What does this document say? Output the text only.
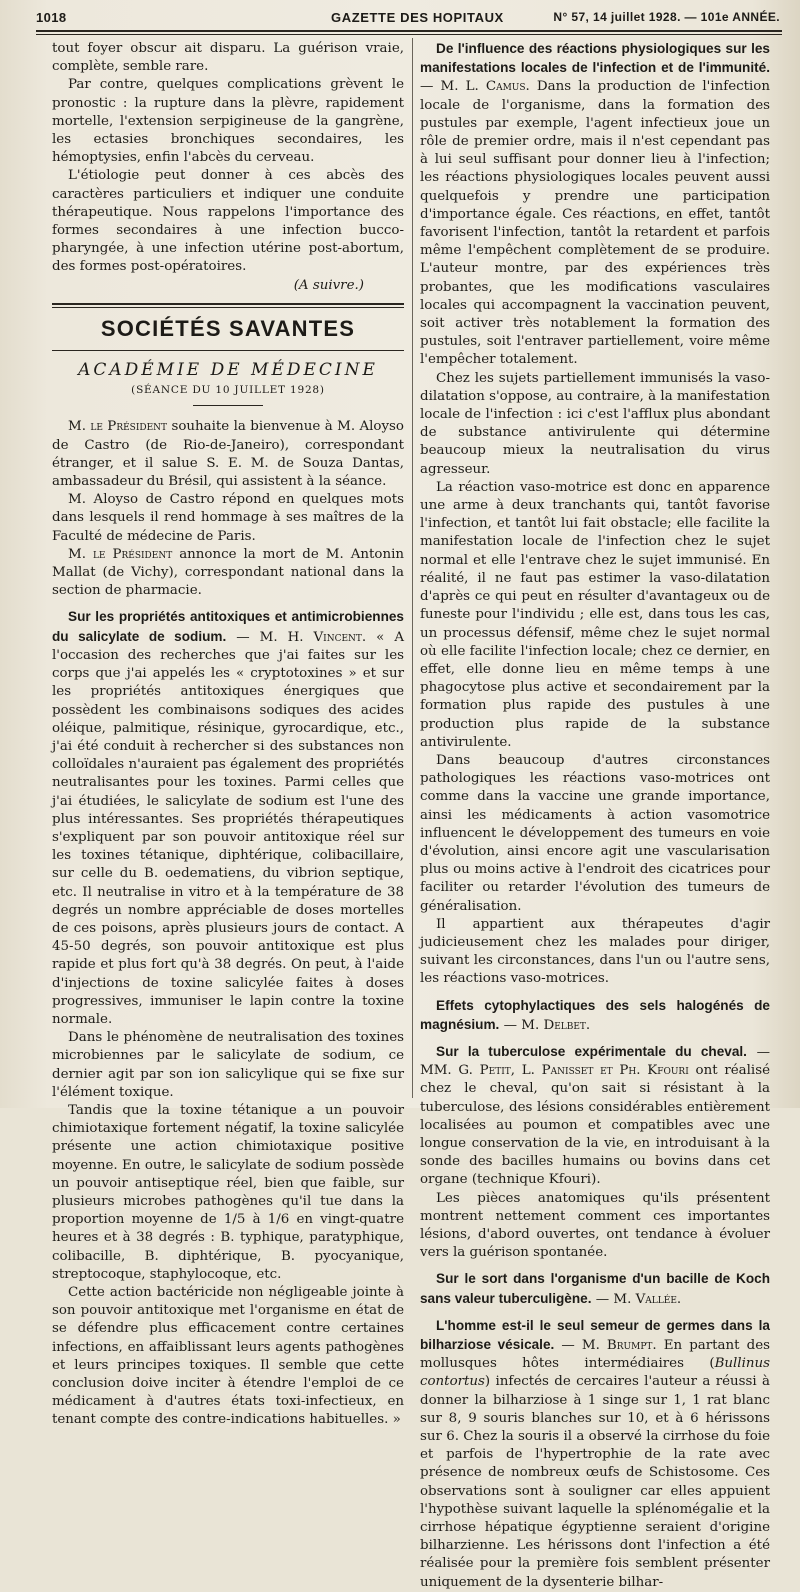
1018	GAZETTE DES HOPITAUX	N° 57, 14 juillet 1928. — 101e ANNÉE.

tout foyer obscur ait disparu. La guérison vraie, complète, semble rare.

Par contre, quelques complications grèvent le pronostic : la rupture dans la plèvre, rapidement mortelle, l'extension serpigineuse de la gangrène, les ectasies bronchiques secondaires, les hémoptysies, enfin l'abcès du cerveau.

L'étiologie peut donner à ces abcès des caractères particuliers et indiquer une conduite thérapeutique. Nous rappelons l'importance des formes secondaires à une infection bucco-pharyngée, à une infection utérine post-abortum, des formes post-opératoires.

(A suivre.)

SOCIÉTÉS SAVANTES
ACADÉMIE DE MÉDECINE
(SÉANCE DU 10 JUILLET 1928)

M. le Président souhaite la bienvenue à M. Aloyso de Castro (de Rio-de-Janeiro), correspondant étranger, et il salue S. E. M. de Souza Dantas, ambassadeur du Brésil, qui assistent à la séance.

M. Aloyso de Castro répond en quelques mots dans lesquels il rend hommage à ses maîtres de la Faculté de médecine de Paris.

M. le Président annonce la mort de M. Antonin Mallat (de Vichy), correspondant national dans la section de pharmacie.

Sur les propriétés antitoxiques et antimicrobiennes du salicylate de sodium. — M. H. Vincent. « A l'occasion des recherches que j'ai faites sur les corps que j'ai appelés les « cryptotoxines » et sur les propriétés antitoxiques énergiques que possèdent les combinaisons sodiques des acides oléique, palmitique, résinique, gyrocardique, etc., j'ai été conduit à rechercher si des substances non colloïdales n'auraient pas également des propriétés neutralisantes pour les toxines. Parmi celles que j'ai étudiées, le salicylate de sodium est l'une des plus intéressantes. Ses propriétés thérapeutiques s'expliquent par son pouvoir antitoxique réel sur les toxines tétanique, diphtérique, colibacillaire, sur celle du B. oedematiens, du vibrion septique, etc. Il neutralise in vitro et à la température de 38 degrés un nombre appréciable de doses mortelles de ces poisons, après plusieurs jours de contact. A 45-50 degrés, son pouvoir antitoxique est plus rapide et plus fort qu'à 38 degrés. On peut, à l'aide d'injections de toxine salicylée faites à doses progressives, immuniser le lapin contre la toxine normale.

Dans le phénomène de neutralisation des toxines microbiennes par le salicylate de sodium, ce dernier agit par son ion salicylique qui se fixe sur l'élément toxique.

Tandis que la toxine tétanique a un pouvoir chimiotaxique fortement négatif, la toxine salicylée présente une action chimiotaxique positive moyenne. En outre, le salicylate de sodium possède un pouvoir antiseptique réel, bien que faible, sur plusieurs microbes pathogènes qu'il tue dans la proportion moyenne de 1/5 à 1/6 en vingt-quatre heures et à 38 degrés : B. typhique, paratyphique, colibacille, B. diphtérique, B. pyocyanique, streptocoque, staphylocoque, etc.

Cette action bactéricide non négligeable jointe à son pouvoir antitoxique met l'organisme en état de se défendre plus efficacement contre certaines infections, en affaiblissant leurs agents pathogènes et leurs principes toxiques. Il semble que cette conclusion doive inciter à étendre l'emploi de ce médicament à d'autres états toxi-infectieux, en tenant compte des contre-indications habituelles. »

De l'influence des réactions physiologiques sur les manifestations locales de l'infection et de l'immunité. — M. L. Camus. Dans la production de l'infection locale de l'organisme, dans la formation des pustules par exemple, l'agent infectieux joue un rôle de premier ordre, mais il n'est cependant pas à lui seul suffisant pour donner lieu à l'infection; les réactions physiologiques locales peuvent aussi quelquefois y prendre une participation d'importance égale. Ces réactions, en effet, tantôt favorisent l'infection, tantôt la retardent et parfois même l'empêchent complètement de se produire. L'auteur montre, par des expériences très probantes, que les modifications vasculaires locales qui accompagnent la vaccination peuvent, soit activer très notablement la formation des pustules, soit l'entraver partiellement, voire même l'empêcher totalement.

Chez les sujets partiellement immunisés la vaso-dilatation s'oppose, au contraire, à la manifestation locale de l'infection : ici c'est l'afflux plus abondant de substance antivirulente qui détermine beaucoup mieux la neutralisation du virus agresseur.

La réaction vaso-motrice est donc en apparence une arme à deux tranchants qui, tantôt favorise l'infection, et tantôt lui fait obstacle; elle facilite la manifestation locale de l'infection chez le sujet normal et elle l'entrave chez le sujet immunisé. En réalité, il ne faut pas estimer la vaso-dilatation d'après ce qui peut en résulter d'avantageux ou de funeste pour l'individu ; elle est, dans tous les cas, un processus défensif, même chez le sujet normal où elle facilite l'infection locale; chez ce dernier, en effet, elle donne lieu en même temps à une phagocytose plus active et secondairement par la formation plus rapide des pustules à une production plus rapide de la substance antivirulente.

Dans beaucoup d'autres circonstances pathologiques les réactions vaso-motrices ont comme dans la vaccine une grande importance, ainsi les médicaments à action vasomotrice influencent le développement des tumeurs en voie d'évolution, ainsi encore agit une vascularisation plus ou moins active à l'endroit des cicatrices pour faciliter ou retarder l'évolution des tumeurs de généralisation.

Il appartient aux thérapeutes d'agir judicieusement chez les malades pour diriger, suivant les circonstances, dans l'un ou l'autre sens, les réactions vaso-motrices.

Effets cytophylactiques des sels halogénés de magnésium. — M. Delbet.

Sur la tuberculose expérimentale du cheval. — MM. G. Petit, L. Panisset et Ph. Kfouri ont réalisé chez le cheval, qu'on sait si résistant à la tuberculose, des lésions considérables entièrement localisées au poumon et compatibles avec une longue conservation de la vie, en introduisant à la sonde des bacilles humains ou bovins dans cet organe (technique Kfouri).

Les pièces anatomiques qu'ils présentent montrent nettement comment ces importantes lésions, d'abord ouvertes, ont tendance à évoluer vers la guérison spontanée.

Sur le sort dans l'organisme d'un bacille de Koch sans valeur tuberculigène. — M. Vallée.

L'homme est-il le seul semeur de germes dans la bilharziose vésicale. — M. Brumpt. En partant des mollusques hôtes intermédiaires (Bullinus contortus) infectés de cercaires l'auteur a réussi à donner la bilharziose à 1 singe sur 1, 1 rat blanc sur 8, 9 souris blanches sur 10, et à 6 hérissons sur 6. Chez la souris il a observé la cirrhose du foie et parfois de l'hypertrophie de la rate avec présence de nombreux œufs de Schistosome. Ces observations sont à souligner car elles appuient l'hypothèse suivant laquelle la splénomégalie et la cirrhose hépatique égyptienne seraient d'origine bilharzienne. Les hérissons dont l'infection a été réalisée pour la première fois semblent présenter uniquement de la dysenterie bilhar-
